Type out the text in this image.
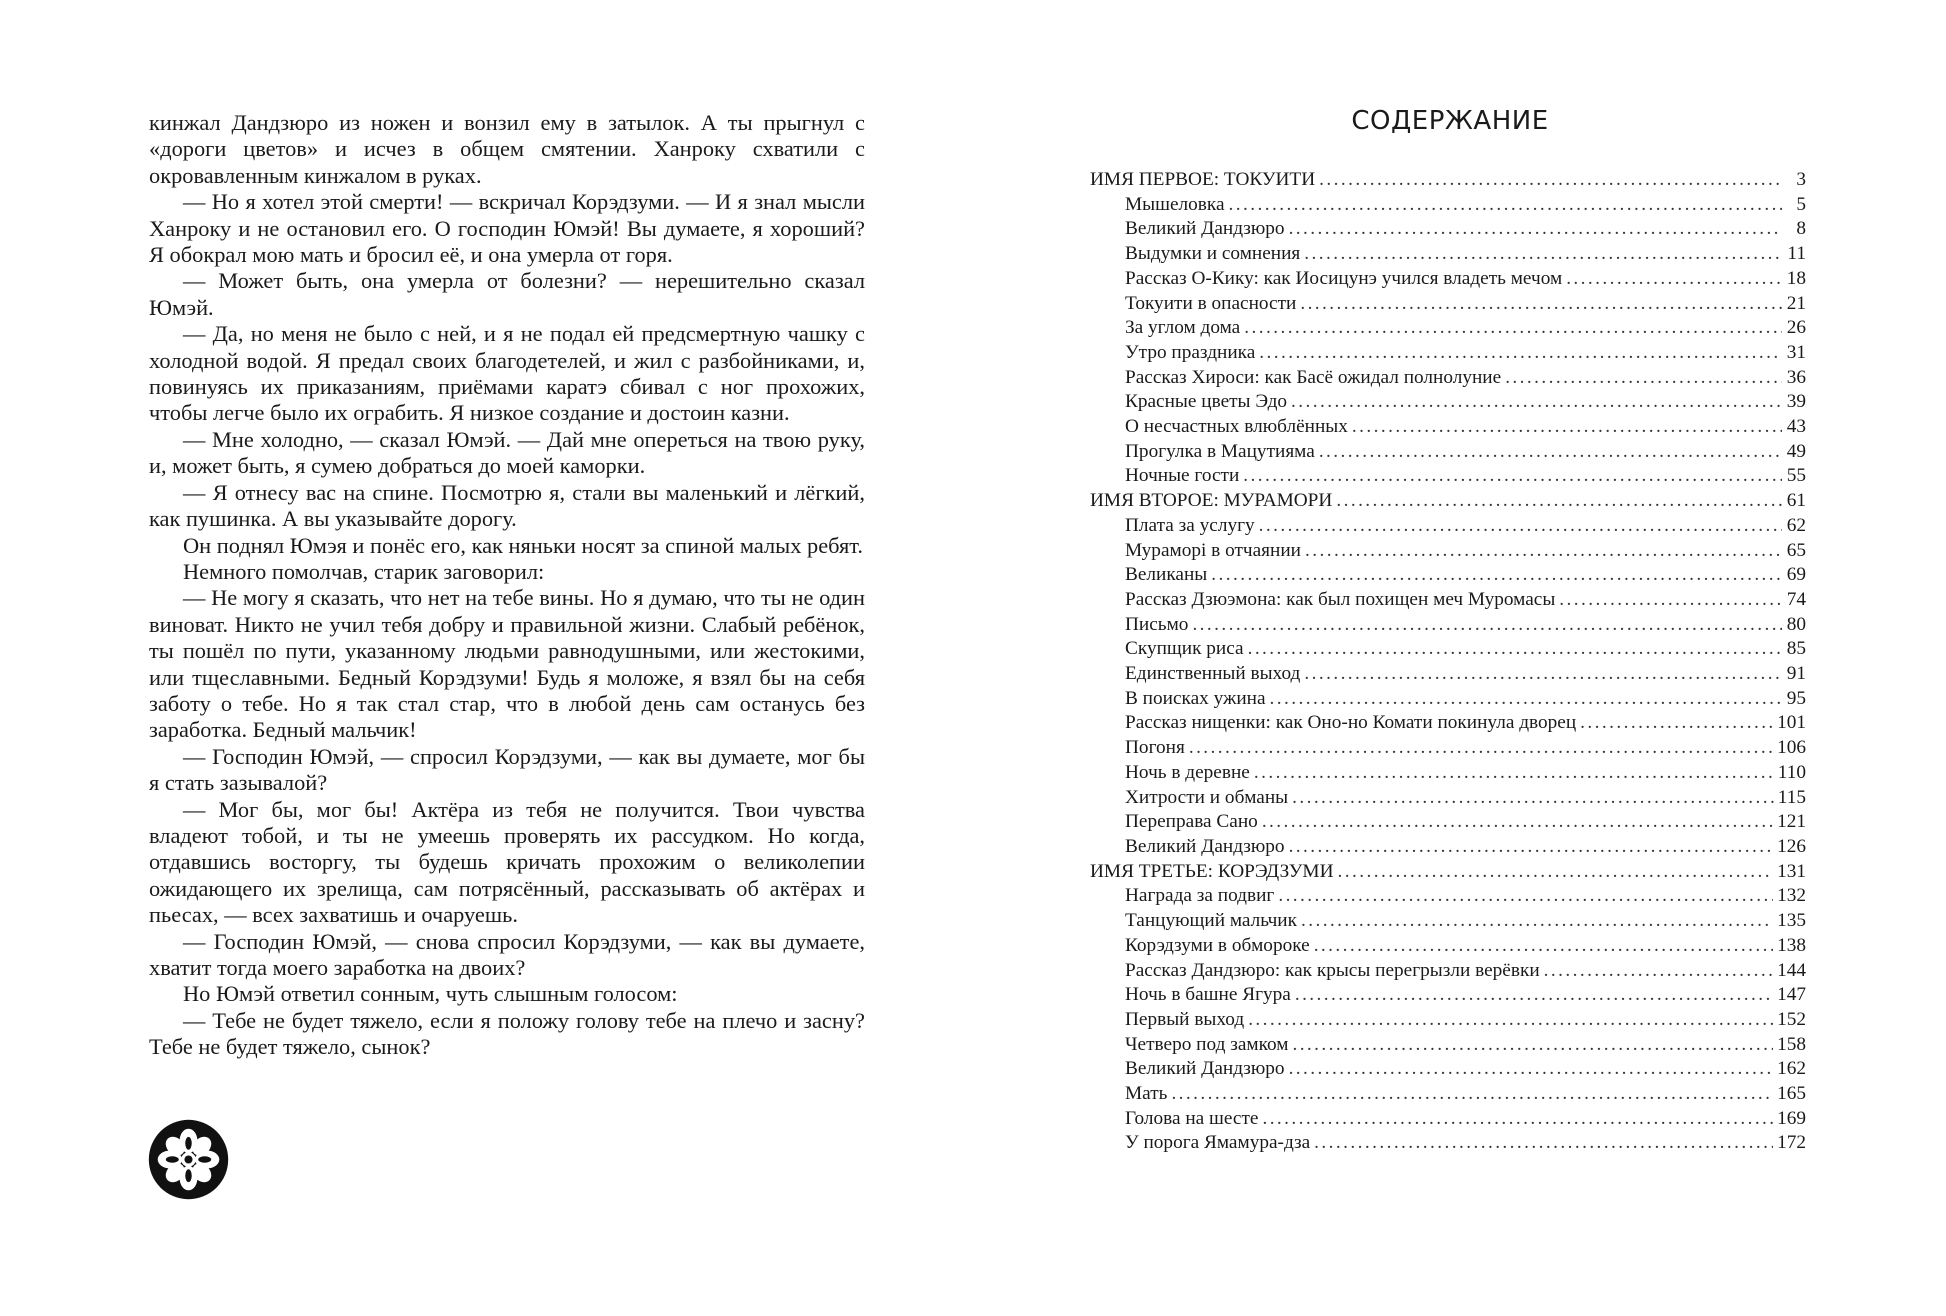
кинжал Дандзюро из ножен и вонзил ему в затылок. А ты прыгнул с «дороги цветов» и исчез в общем смятении. Ханроку схватили с окровавленным кинжалом в руках.

— Но я хотел этой смерти! — вскричал Корэдзуми. — И я знал мысли Ханроку и не остановил его. О господин Юмэй! Вы думаете, я хороший? Я обокрал мою мать и бросил её, и она умерла от горя.

— Может быть, она умерла от болезни? — нерешительно сказал Юмэй.

— Да, но меня не было с ней, и я не подал ей предсмертную чашку с холодной водой. Я предал своих благодетелей, и жил с разбойниками, и, повинуясь их приказаниям, приёмами каратэ сбивал с ног прохожих, чтобы легче было их ограбить. Я низкое создание и достоин казни.

— Мне холодно, — сказал Юмэй. — Дай мне опереться на твою руку, и, может быть, я сумею добраться до моей каморки.

— Я отнесу вас на спине. Посмотрю я, стали вы маленький и лёгкий, как пушинка. А вы указывайте дорогу.

Он поднял Юмэя и понёс его, как няньки носят за спиной малых ребят.

Немного помолчав, старик заговорил:

— Не могу я сказать, что нет на тебе вины. Но я думаю, что ты не один виноват. Никто не учил тебя добру и правильной жизни. Слабый ребёнок, ты пошёл по пути, указанному людьми равнодушными, или жестокими, или тщеславными. Бедный Корэдзуми! Будь я моложе, я взял бы на себя заботу о тебе. Но я так стал стар, что в любой день сам останусь без заработка. Бедный мальчик!

— Господин Юмэй, — спросил Корэдзуми, — как вы думаете, мог бы я стать зазывалой?

— Мог бы, мог бы! Актёра из тебя не получится. Твои чувства владеют тобой, и ты не умеешь проверять их рассудком. Но когда, отдавшись восторгу, ты будешь кричать прохожим о великолепии ожидающего их зрелища, сам потрясённый, рассказывать об актёрах и пьесах, — всех захватишь и очаруешь.

— Господин Юмэй, — снова спросил Корэдзуми, — как вы думаете, хватит тогда моего заработка на двоих?

Но Юмэй ответил сонным, чуть слышным голосом:

— Тебе не будет тяжело, если я положу голову тебе на плечо и засну? Тебе не будет тяжело, сынок?

СОДЕРЖАНИЕ
ИМЯ ПЕРВОЕ: ТОКУИТИ . . .	3
Мышеловка . . .	5
Великий Дандзюро . . .	8
Выдумки и сомнения . . .	11
Рассказ О-Кику: как Иосицунэ учился владеть мечом . . .	18
Токуити в опасности . . .	21
За углом дома . . .	26
Утро праздника . . .	31
Рассказ Хироси: как Басё ожидал полнолуние . . .	36
Красные цветы Эдо . . .	39
О несчастных влюблённых . . .	43
Прогулка в Мацутияма . . .	49
Ночные гости . . .	55
ИМЯ ВТОРОЕ: МУРАМОРИ . . .	61
Плата за услугу . . .	62
Мураморі в отчаянии . . .	65
Великаны . . .	69
Рассказ Дзюэмона: как был похищен меч Муромасы . . .	74
Письмо . . .	80
Скупщик риса . . .	85
Единственный выход . . .	91
В поисках ужина . . .	95
Рассказ нищенки: как Оно-но Комати покинула дворец . . .	101
Погоня . . .	106
Ночь в деревне . . .	110
Хитрости и обманы . . .	115
Переправа Сано . . .	121
Великий Дандзюро . . .	126
ИМЯ ТРЕТЬЕ: КОРЭДЗУМИ . . .	131
Награда за подвиг . . .	132
Танцующий мальчик . . .	135
Корэдзуми в обмороке . . .	138
Рассказ Дандзюро: как крысы перегрызли верёвки . . .	144
Ночь в башне Ягура . . .	147
Первый выход . . .	152
Четверо под замком . . .	158
Великий Дандзюро . . .	162
Мать . . .	165
Голова на шесте . . .	169
У порога Ямамура-дза . . .	172
